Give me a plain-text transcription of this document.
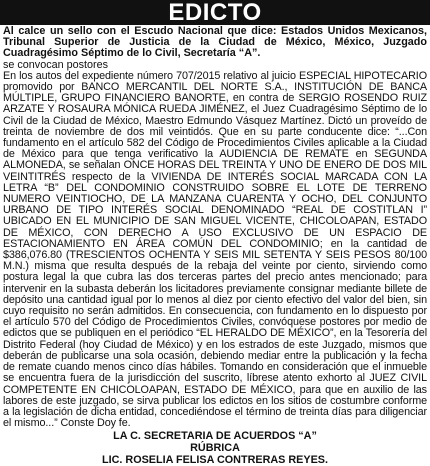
EDICTO
Al calce un sello con el Escudo Nacional que dice: Estados Unidos Mexicanos, Tribunal Superior de Justicia de la Ciudad de México, México, Juzgado Cuadragésimo Séptimo de lo Civil, Secretaría “A”.
se convocan postores
En los autos del expediente número 707/2015 relativo al juicio ESPECIAL HIPOTECARIO promovido por BANCO MERCANTIL DEL NORTE S.A., INSTITUCIÓN DE BANCA MÚLTIPLE, GRUPO FINANCIERO BANORTE, en contra de SERGIO ROSENDO RUIZ ARZATE Y ROSAURA MÓNICA RUEDA JIMÉNEZ, el Juez Cuadragésimo Séptimo de lo Civil de la Ciudad de México, Maestro Edmundo Vásquez Martínez. Dictó un proveído de treinta de noviembre de dos mil veintidós. Que en su parte conducente dice: “...Con fundamento en el artículo 582 del Código de Procedimientos Civiles aplicable a la Ciudad de México para que tenga verificativo la AUDIENCIA DE REMATE en SEGUNDA ALMONEDA, se señalan ONCE HORAS DEL TREINTA Y UNO DE ENERO DE DOS MIL VEINTITRÉS respecto de la VIVIENDA DE INTERÉS SOCIAL MARCADA CON LA LETRA “B” DEL CONDOMINIO CONSTRUIDO SOBRE EL LOTE DE TERRENO NUMERO VEINTIOCHO, DE LA MANZANA CUARENTA Y OCHO, DEL CONJUNTO URBANO DE TIPO INTERÉS SOCIAL DENOMINADO “REAL DE COSTITLAN I” UBICADO EN EL MUNICIPIO DE SAN MIGUEL VICENTE, CHICOLOAPAN, ESTADO DE MÉXICO, CON DERECHO A USO EXCLUSIVO DE UN ESPACIO DE ESTACIONAMIENTO EN ÁREA COMÚN DEL CONDOMINIO; en la cantidad de $386,076.80 (TRESCIENTOS OCHENTA Y SEIS MIL SETENTA Y SEIS PESOS 80/100 M.N.) misma que resulta después de la rebaja del veinte por ciento, sirviendo como postura legal la que cubra las dos terceras partes del precio antes mencionado; para intervenir en la subasta deberán los licitadores previamente consignar mediante billete de depósito una cantidad igual por lo menos al diez por ciento efectivo del valor del bien, sin cuyo requisito no serán admitidos. En consecuencia, con fundamento en lo dispuesto por el artículo 570 del Código de Procedimientos Civiles, convóquese postores por medio de edictos que se publiquen en el periódico “EL HERALDO DE MÉXICO”, en la Tesorería del Distrito Federal (hoy Ciudad de México) y en los estrados de este Juzgado, mismos que deberán de publicarse una sola ocasión, debiendo mediar entre la publicación y la fecha de remate cuando menos cinco días hábiles. Tomando en consideración que el inmueble se encuentra fuera de la jurisdicción del suscrito, líbrese atento exhorto al JUEZ CIVIL COMPETENTE EN CHICOLOAPAN, ESTADO DE MÉXICO, para que en auxilio de las labores de este juzgado, se sirva publicar los edictos en los sitios de costumbre conforme a la legislación de dicha entidad, concediéndose el término de treinta días para diligenciar el mismo...” Conste Doy fe.
LA C. SECRETARIA DE ACUERDOS “A”
RÚBRICA
LIC. ROSELIA FELISA CONTRERAS REYES.
